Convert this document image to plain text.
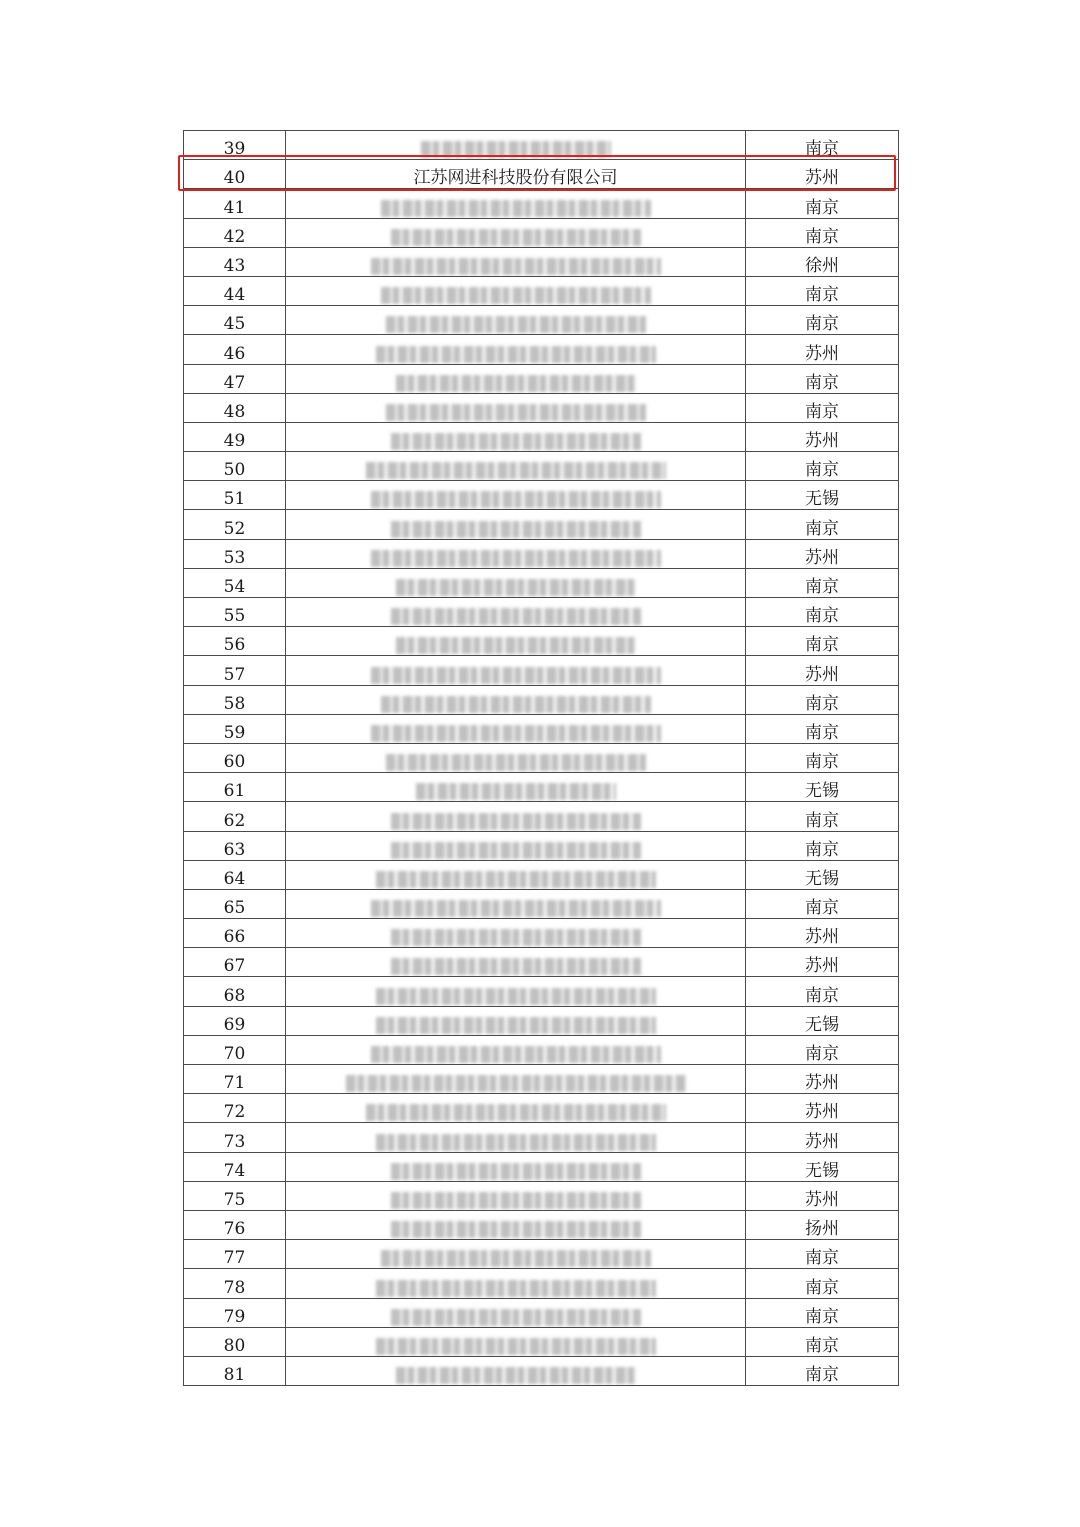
39		南京
40	江苏网进科技股份有限公司	苏州
41		南京
42		南京
43		徐州
44		南京
45		南京
46		苏州
47		南京
48		南京
49		苏州
50		南京
51		无锡
52		南京
53		苏州
54		南京
55		南京
56		南京
57		苏州
58		南京
59		南京
60		南京
61		无锡
62		南京
63		南京
64		无锡
65		南京
66		苏州
67		苏州
68		南京
69		无锡
70		南京
71		苏州
72		苏州
73		苏州
74		无锡
75		苏州
76		扬州
77		南京
78		南京
79		南京
80		南京
81		南京
